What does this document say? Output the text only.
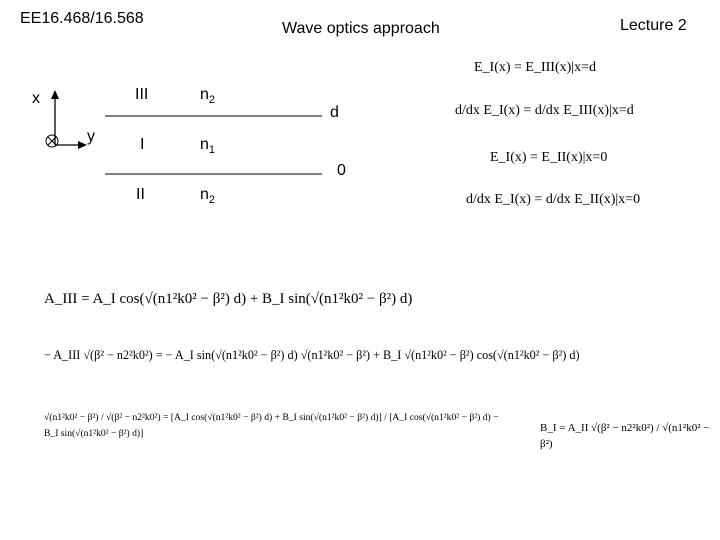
EE16.468/16.568
Wave optics approach	Lecture 2
x
y
III	$n_2$
d
I	$n_1$
0
II	$n_2$
E_I(x) = E_III(x)|x=d
d/dx E_I(x) = d/dx E_III(x)|x=d
E_I(x) = E_II(x)|x=0
d/dx E_I(x) = d/dx E_II(x)|x=0
A_III = A_I cos(√(n1²k0² − β²) d) + B_I sin(√(n1²k0² − β²) d)
− A_III √(β² − n2²k0²) = − A_I sin(√(n1²k0² − β²) d) √(n1²k0² − β²) + B_I √(n1²k0² − β²) cos(√(n1²k0² − β²) d)
√(n1²k0² − β²) / √(β² − n2²k0²) = [A_I cos(√(n1²k0² − β²) d) + B_I sin(√(n1²k0² − β²) d)] / [A_I cos(√(n1²k0² − β²) d) − B_I sin(√(n1²k0² − β²) d)]	B_I = A_II √(β² − n2²k0²) / √(n1²k0² − β²)
